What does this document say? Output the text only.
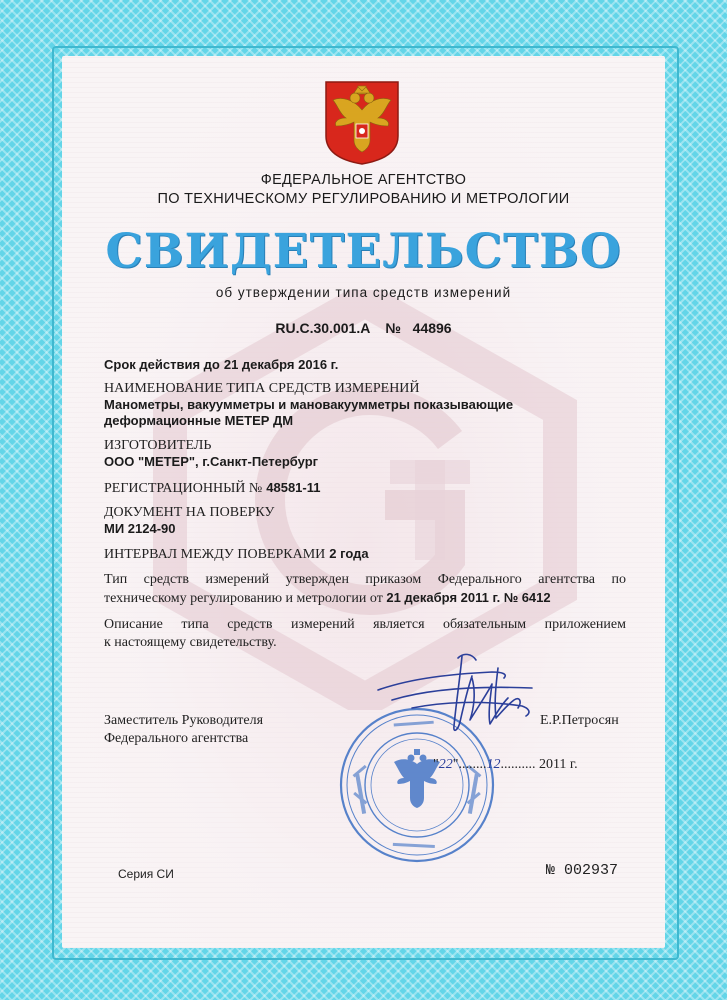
ФЕДЕРАЛЬНОЕ АГЕНТСТВО
ПО ТЕХНИЧЕСКОМУ РЕГУЛИРОВАНИЮ И МЕТРОЛОГИИ
СВИДЕТЕЛЬСТВО
об утверждении типа средств измерений
RU.C.30.001.A № 44896
Срок действия до 21 декабря 2016 г.
НАИМЕНОВАНИЕ ТИПА СРЕДСТВ ИЗМЕРЕНИЙ
Манометры, вакуумметры и мановакуумметры показывающие
деформационные МЕТЕР ДМ
ИЗГОТОВИТЕЛЬ
ООО "МЕТЕР", г.Санкт-Петербург
РЕГИСТРАЦИОННЫЙ № 48581-11
ДОКУМЕНТ НА ПОВЕРКУ
МИ 2124-90
ИНТЕРВАЛ МЕЖДУ ПОВЕРКАМИ 2 года
Тип средств измерений утвержден приказом Федерального агентства по
техническому регулированию и метрологии от 21 декабря 2011 г. № 6412
Описание типа средств измерений является обязательным приложением
к настоящему свидетельству.
Заместитель Руководителя
Федерального агентства
Е.Р.Петросян
"22"........12.......... 2011 г.
Серия СИ	№ 002937
